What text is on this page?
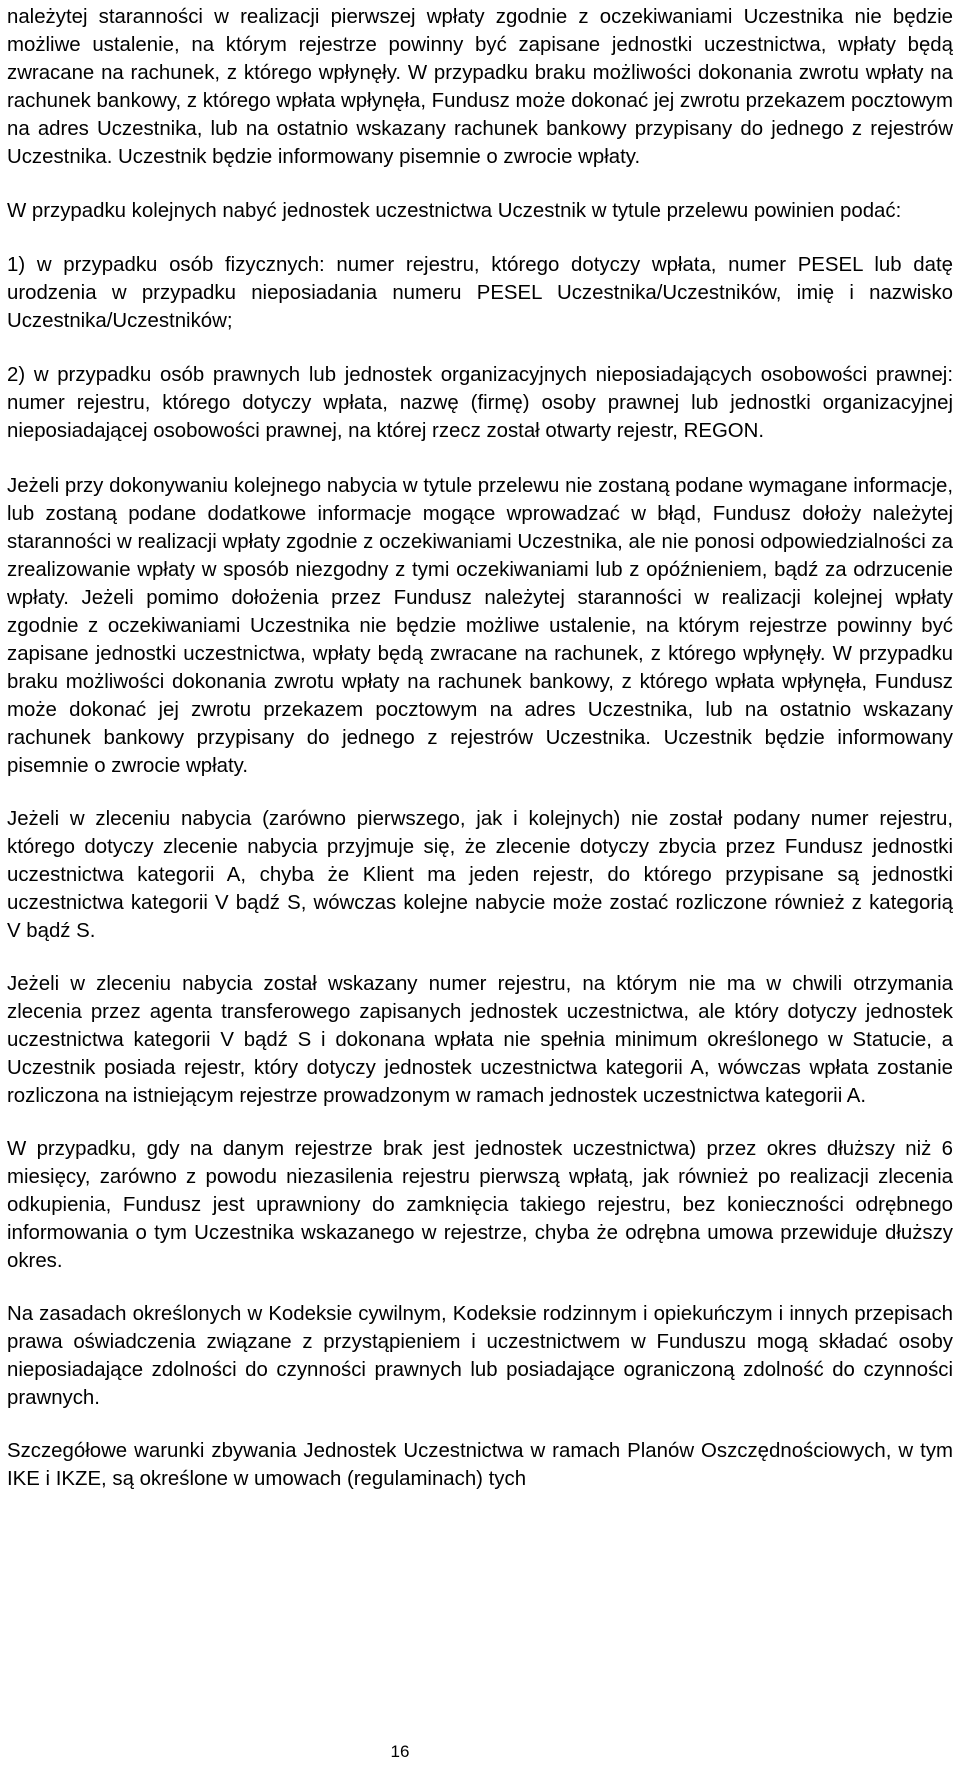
należytej staranności w realizacji pierwszej wpłaty zgodnie z oczekiwaniami Uczestnika nie będzie możliwe ustalenie, na którym rejestrze powinny być zapisane jednostki uczestnictwa, wpłaty będą zwracane na rachunek, z którego wpłynęły. W przypadku braku możliwości dokonania zwrotu wpłaty na rachunek bankowy, z którego wpłata wpłynęła, Fundusz może dokonać jej zwrotu przekazem pocztowym na adres Uczestnika, lub na ostatnio wskazany rachunek bankowy przypisany do jednego z rejestrów Uczestnika. Uczestnik będzie informowany pisemnie o zwrocie wpłaty.

W przypadku kolejnych nabyć jednostek uczestnictwa Uczestnik w tytule przelewu powinien podać:

1) w przypadku osób fizycznych: numer rejestru, którego dotyczy wpłata, numer PESEL lub datę urodzenia w przypadku nieposiadania numeru PESEL Uczestnika/Uczestników, imię i nazwisko Uczestnika/Uczestników;

2) w przypadku osób prawnych lub jednostek organizacyjnych nieposiadających osobowości prawnej: numer rejestru, którego dotyczy wpłata, nazwę (firmę) osoby prawnej lub jednostki organizacyjnej nieposiadającej osobowości prawnej, na której rzecz został otwarty rejestr, REGON.

Jeżeli przy dokonywaniu kolejnego nabycia w tytule przelewu nie zostaną podane wymagane informacje, lub zostaną podane dodatkowe informacje mogące wprowadzać w błąd, Fundusz dołoży należytej staranności w realizacji wpłaty zgodnie z oczekiwaniami Uczestnika, ale nie ponosi odpowiedzialności za zrealizowanie wpłaty w sposób niezgodny z tymi oczekiwaniami lub z opóźnieniem, bądź za odrzucenie wpłaty. Jeżeli pomimo dołożenia przez Fundusz należytej staranności w realizacji kolejnej wpłaty zgodnie z oczekiwaniami Uczestnika nie będzie możliwe ustalenie, na którym rejestrze powinny być zapisane jednostki uczestnictwa, wpłaty będą zwracane na rachunek, z którego wpłynęły. W przypadku braku możliwości dokonania zwrotu wpłaty na rachunek bankowy, z którego wpłata wpłynęła, Fundusz może dokonać jej zwrotu przekazem pocztowym na adres Uczestnika, lub na ostatnio wskazany rachunek bankowy przypisany do jednego z rejestrów Uczestnika. Uczestnik będzie informowany pisemnie o zwrocie wpłaty.

Jeżeli w zleceniu nabycia (zarówno pierwszego, jak i kolejnych) nie został podany numer rejestru, którego dotyczy zlecenie nabycia przyjmuje się, że zlecenie dotyczy zbycia przez Fundusz jednostki uczestnictwa kategorii A, chyba że Klient ma jeden rejestr, do którego przypisane są jednostki uczestnictwa kategorii V bądź S, wówczas kolejne nabycie może zostać rozliczone również z kategorią V bądź S.

Jeżeli w zleceniu nabycia został wskazany numer rejestru, na którym nie ma w chwili otrzymania zlecenia przez agenta transferowego zapisanych jednostek uczestnictwa, ale który dotyczy jednostek uczestnictwa kategorii V bądź S i dokonana wpłata nie spełnia minimum określonego w Statucie, a Uczestnik posiada rejestr, który dotyczy jednostek uczestnictwa kategorii A, wówczas wpłata zostanie rozliczona na istniejącym rejestrze prowadzonym w ramach jednostek uczestnictwa kategorii A.

W przypadku, gdy na danym rejestrze brak jest jednostek uczestnictwa) przez okres dłuższy niż 6 miesięcy, zarówno z powodu niezasilenia rejestru pierwszą wpłatą, jak również po realizacji zlecenia odkupienia, Fundusz jest uprawniony do zamknięcia takiego rejestru, bez konieczności odrębnego informowania o tym Uczestnika wskazanego w rejestrze, chyba że odrębna umowa przewiduje dłuższy okres.

Na zasadach określonych w Kodeksie cywilnym, Kodeksie rodzinnym i opiekuńczym i innych przepisach prawa oświadczenia związane z przystąpieniem i uczestnictwem w Funduszu mogą składać osoby nieposiadające zdolności do czynności prawnych lub posiadające ograniczoną zdolność do czynności prawnych.

Szczegółowe warunki zbywania Jednostek Uczestnictwa w ramach Planów Oszczędnościowych, w tym IKE i IKZE, są określone w umowach (regulaminach) tych

16
